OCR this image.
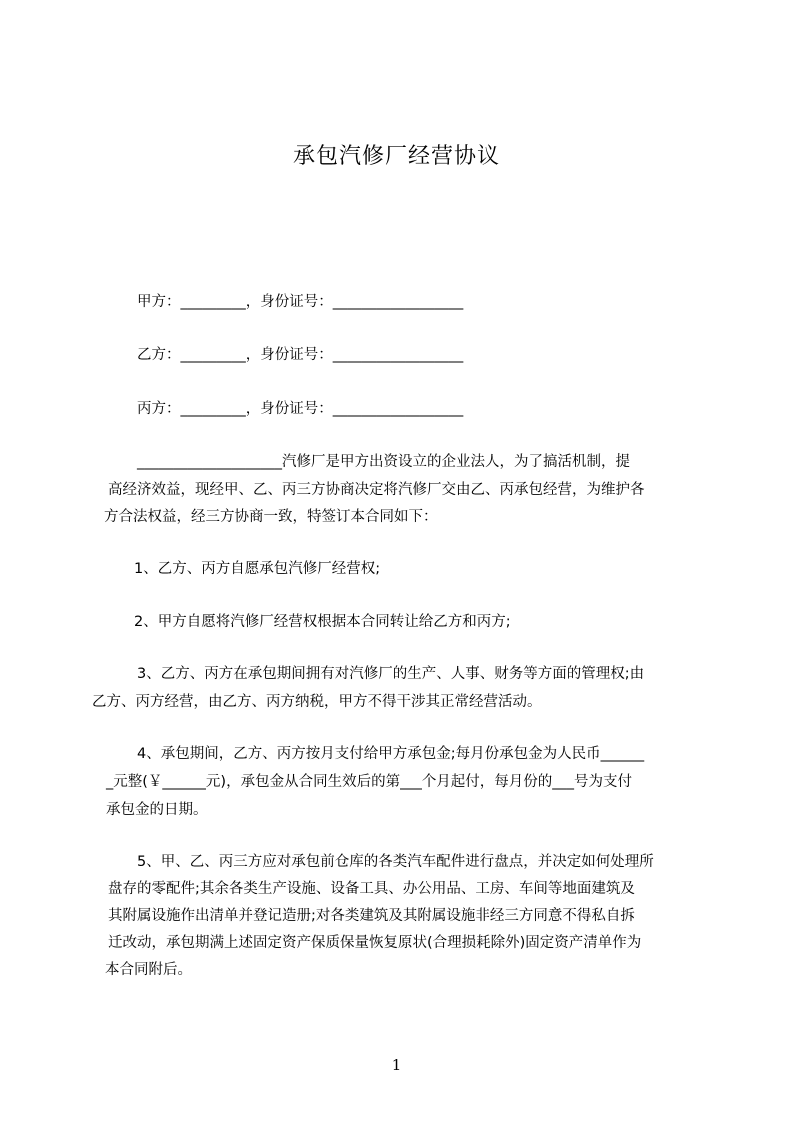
承包汽修厂经营协议
甲方：_________，身份证号：__________________
乙方：_________，身份证号：__________________
丙方：_________，身份证号：__________________
____________________汽修厂是甲方出资设立的企业法人，为了搞活机制，提
高经济效益，现经甲、乙、丙三方协商决定将汽修厂交由乙、丙承包经营，为维护各
方合法权益，经三方协商一致，特签订本合同如下：
1、乙方、丙方自愿承包汽修厂经营权;
2、甲方自愿将汽修厂经营权根据本合同转让给乙方和丙方;
3、乙方、丙方在承包期间拥有对汽修厂的生产、人事、财务等方面的管理权;由
乙方、丙方经营，由乙方、丙方纳税，甲方不得干涉其正常经营活动。
4、承包期间，乙方、丙方按月支付给甲方承包金;每月份承包金为人民币______
_元整(￥______元)，承包金从合同生效后的第___个月起付，每月份的___号为支付
承包金的日期。
5、甲、乙、丙三方应对承包前仓库的各类汽车配件进行盘点，并决定如何处理所
盘存的零配件;其余各类生产设施、设备工具、办公用品、工房、车间等地面建筑及
其附属设施作出清单并登记造册;对各类建筑及其附属设施非经三方同意不得私自拆
迁改动，承包期满上述固定资产保质保量恢复原状(合理损耗除外)固定资产清单作为
本合同附后。
1
